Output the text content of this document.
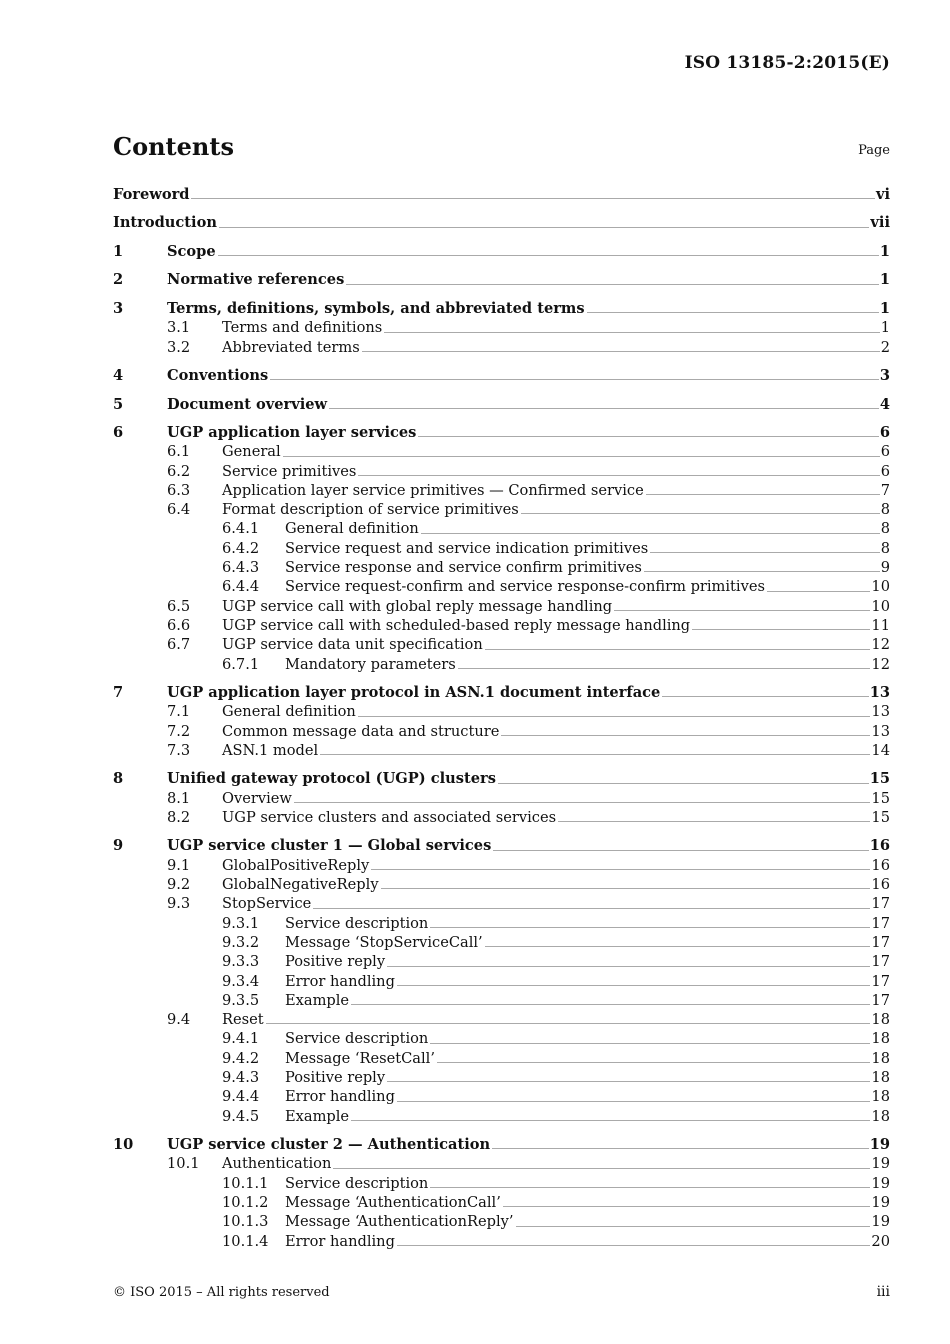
ISO 13185-2:2015(E)
Contents	Page
Foreword	vi
Introduction	vii
1	Scope	1
2	Normative references	1
3	Terms, definitions, symbols, and abbreviated terms	1
3.1	Terms and definitions	1
3.2	Abbreviated terms	2
4	Conventions	3
5	Document overview	4
6	UGP application layer services	6
6.1	General	6
6.2	Service primitives	6
6.3	Application layer service primitives — Confirmed service	7
6.4	Format description of service primitives	8
6.4.1	General definition	8
6.4.2	Service request and service indication primitives	8
6.4.3	Service response and service confirm primitives	9
6.4.4	Service request-confirm and service response-confirm primitives	10
6.5	UGP service call with global reply message handling	10
6.6	UGP service call with scheduled-based reply message handling	11
6.7	UGP service data unit specification	12
6.7.1	Mandatory parameters	12
7	UGP application layer protocol in ASN.1 document interface	13
7.1	General definition	13
7.2	Common message data and structure	13
7.3	ASN.1 model	14
8	Unified gateway protocol (UGP) clusters	15
8.1	Overview	15
8.2	UGP service clusters and associated services	15
9	UGP service cluster 1 — Global services	16
9.1	GlobalPositiveReply	16
9.2	GlobalNegativeReply	16
9.3	StopService	17
9.3.1	Service description	17
9.3.2	Message ‘StopServiceCall’	17
9.3.3	Positive reply	17
9.3.4	Error handling	17
9.3.5	Example	17
9.4	Reset	18
9.4.1	Service description	18
9.4.2	Message ‘ResetCall’	18
9.4.3	Positive reply	18
9.4.4	Error handling	18
9.4.5	Example	18
10	UGP service cluster 2 — Authentication	19
10.1	Authentication	19
10.1.1	Service description	19
10.1.2	Message ‘AuthenticationCall’	19
10.1.3	Message ‘AuthenticationReply’	19
10.1.4	Error handling	20
© ISO 2015 – All rights reserved	iii
